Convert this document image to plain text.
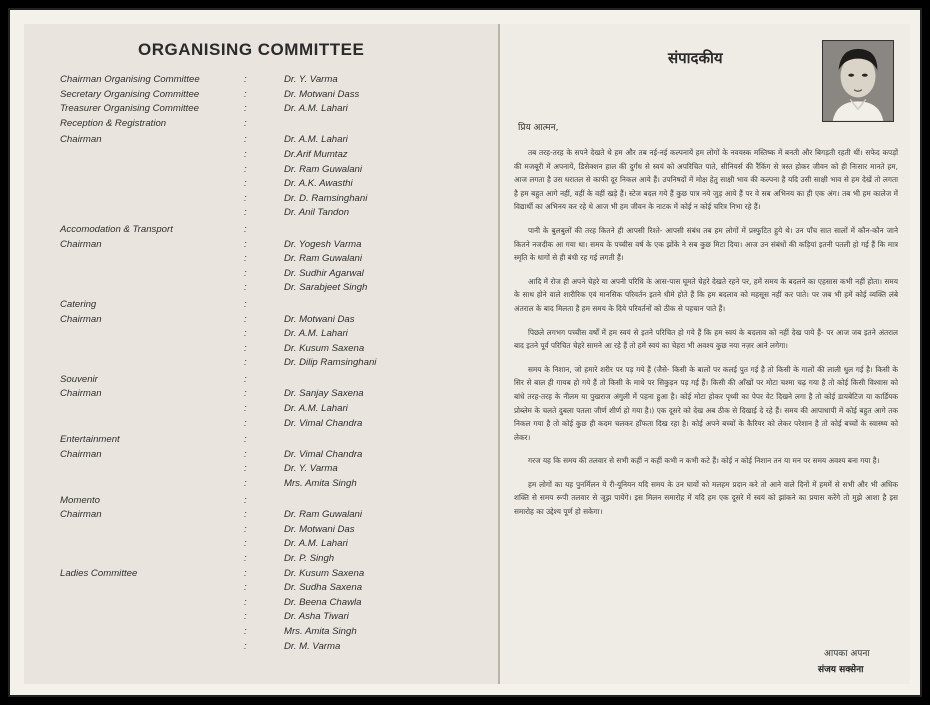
ORGANISING COMMITTEE
Chairman Organising Committee	:	Dr. Y. Varma
Secretary Organising Committee	:	Dr. Motwani Dass
Treasurer Organising Committee	:	Dr. A.M. Lahari
Reception & Registration	:
Chairman	:	Dr. A.M. Lahari
:	Dr.Arif Mumtaz
:	Dr. Ram Guwalani
:	Dr. A.K. Awasthi
:	Dr. D. Ramsinghani
:	Dr. Anil Tandon
Accomodation & Transport	:
Chairman	:	Dr. Yogesh Varma
:	Dr. Ram Guwalani
:	Dr. Sudhir Agarwal
:	Dr. Sarabjeet Singh
Catering	:
Chairman	:	Dr. Motwani Das
:	Dr. A.M. Lahari
:	Dr. Kusum Saxena
:	Dr. Dilip Ramsinghani
Souvenir	:
Chairman	:	Dr. Sanjay Saxena
:	Dr. A.M. Lahari
:	Dr. Vimal Chandra
Entertainment	:
Chairman	:	Dr. Vimal Chandra
:	Dr. Y. Varma
:	Mrs. Amita Singh
Momento	:
Chairman	:	Dr. Ram Guwalani
:	Dr. Motwani Das
:	Dr. A.M. Lahari
:	Dr. P. Singh
Ladies Committee	:	Dr. Kusum Saxena
:	Dr. Sudha Saxena
:	Dr. Beena Chawla
:	Dr. Asha Tiwari
:	Mrs. Amita Singh
:	Dr. M. Varma
संपादकीय
प्रिय आत्मन,

तब तरह-तरह के सपने देखते थे हम और तब नई-नई कल्पनायें हम लोगों के नवयस्क मस्तिष्क में बनती और बिगड़ती रहती थीं। सफेद कपड़ों की मजबूरी में अपनायें, डिसेक्शन हाल की दुर्गंध से स्वयं को अपरिचित पाते, सीनियर्स की रैंकिंग से त्रस्त होकर जीवन को ही निःसार मानते हम, आज लगता है उस धरातल से काफी दूर निकल आये हैं। उपनिषदों में मोक्ष हेतु साक्षी भाव की कल्पना है यदि उसी साक्षी भाव से हम देखें तो लगता है हम बहुत आगे नहीं, वहीं के वहीं खड़े हैं। स्टेज बदल गये हैं कुछ पात्र नये जुड़ आये हैं पर वे सब अभिनय का ही एक अंग। तब भी हम कालेज में विद्यार्थी का अभिनय कर रहे थे आज भी हम जीवन के नाटक में कोई न कोई चरित्र निभा रहे हैं।

पानी के बुलबुलों की तरह कितने ही आपसी रिश्ते- आपसी संबंध तब हम लोगों में प्रस्फुटित हुये थे। उन पाँच सात सालों में कौन-कौन जाने कितने नजदीक आ गया था। समय के पच्चीस वर्ष के एक झोंके ने सब कुछ मिटा दिया। आज उन संबंधों की कड़ियां इतनी पतली हो गई हैं कि मात्र स्मृति के धागों से ही बंधी रह गई लगती हैं।

आदि में रोज ही अपने चेहरे या अपनी परिधि के आस-पास घूमते चेहरे देखते रहने पर, हमें समय के बदलने का एहसास कभी नहीं होता। समय के साथ होने वाले शारीरिक एवं मानसिक परिवर्तन इतने धीमे होते हैं कि हम बदलाव को महसूस नहीं कर पाते। पर जब भी हमें कोई व्यक्ति लंबे अंतराल के बाद मिलता है हम समय के दिये परिवर्तनों को ठीक से पहचान पाते हैं।

पिछले लगभग पच्चीस वर्षों में हम स्वयं से इतने परिचित हो गये हैं कि हम स्वयं के बदलाव को नहीं देख पाये हैं- पर आज जब इतने अंतराल बाद इतने पूर्व परिचित चेहरे सामने आ रहे हैं तो हमें स्वयं का चेहरा भी अवश्य कुछ नया नज़र आने लगेगा।

समय के निशान, जो हमारे शरीर पर पड़ गये हैं (जैसे- किसी के बालों पर कलई पुत गई है तो किसी के गालों की लाली धुल गई है। किसी के सिर से बाल ही गायब हो गये हैं तो किसी के माथे पर सिकुड़न पड़ गई हैं। किसी की आँखों पर मोटा चश्मा चढ़ गया है तो कोई किसी विश्वास को बांधे तरह-तरह के नीलम या पुखराज अंगुली में पहना हुआ है। कोई मोटा होकर पृथ्वी का पेपर वेट दिखने लगा है तो कोई डायबेटिज या कार्डियक प्रोब्लेम के चलते दुबला पतला जीर्ण शीर्ण हो गया है।) एक दूसरे को देख अब ठीक से दिखाई दे रहे हैं। समय की आपाधापी में कोई बहुत आगे तक निकल गया है तो कोई कुछ ही कदम चलकर हाँफता दिख रहा है। कोई अपने बच्चों के कैरियर को लेकर परेशान है तो कोई बच्चों के स्वास्थ्य को लेकर।

गरज यह कि समय की तलवार से सभी कहीं न कहीं कभी न कभी कटे हैं। कोई न कोई निशान तन या मन पर समय अवश्य बना गया है।

हम लोगों का यह पुनर्मिलन ये री-यूनियन यदि समय के उन घावों को मलहम प्रदान करे तो आने वाले दिनों में हममें से सभी और भी अधिक शक्ति से समय रूपी तलवार से जूझ पायेंगे। इस मिलन समारोह में यदि हम एक दूसरे में स्वयं को झांकने का प्रयास करेंगे तो मुझे आशा है इस समारोह का उद्देश्य पूर्ण हो सकेगा।

आपका अपना
संजय सक्सेना
